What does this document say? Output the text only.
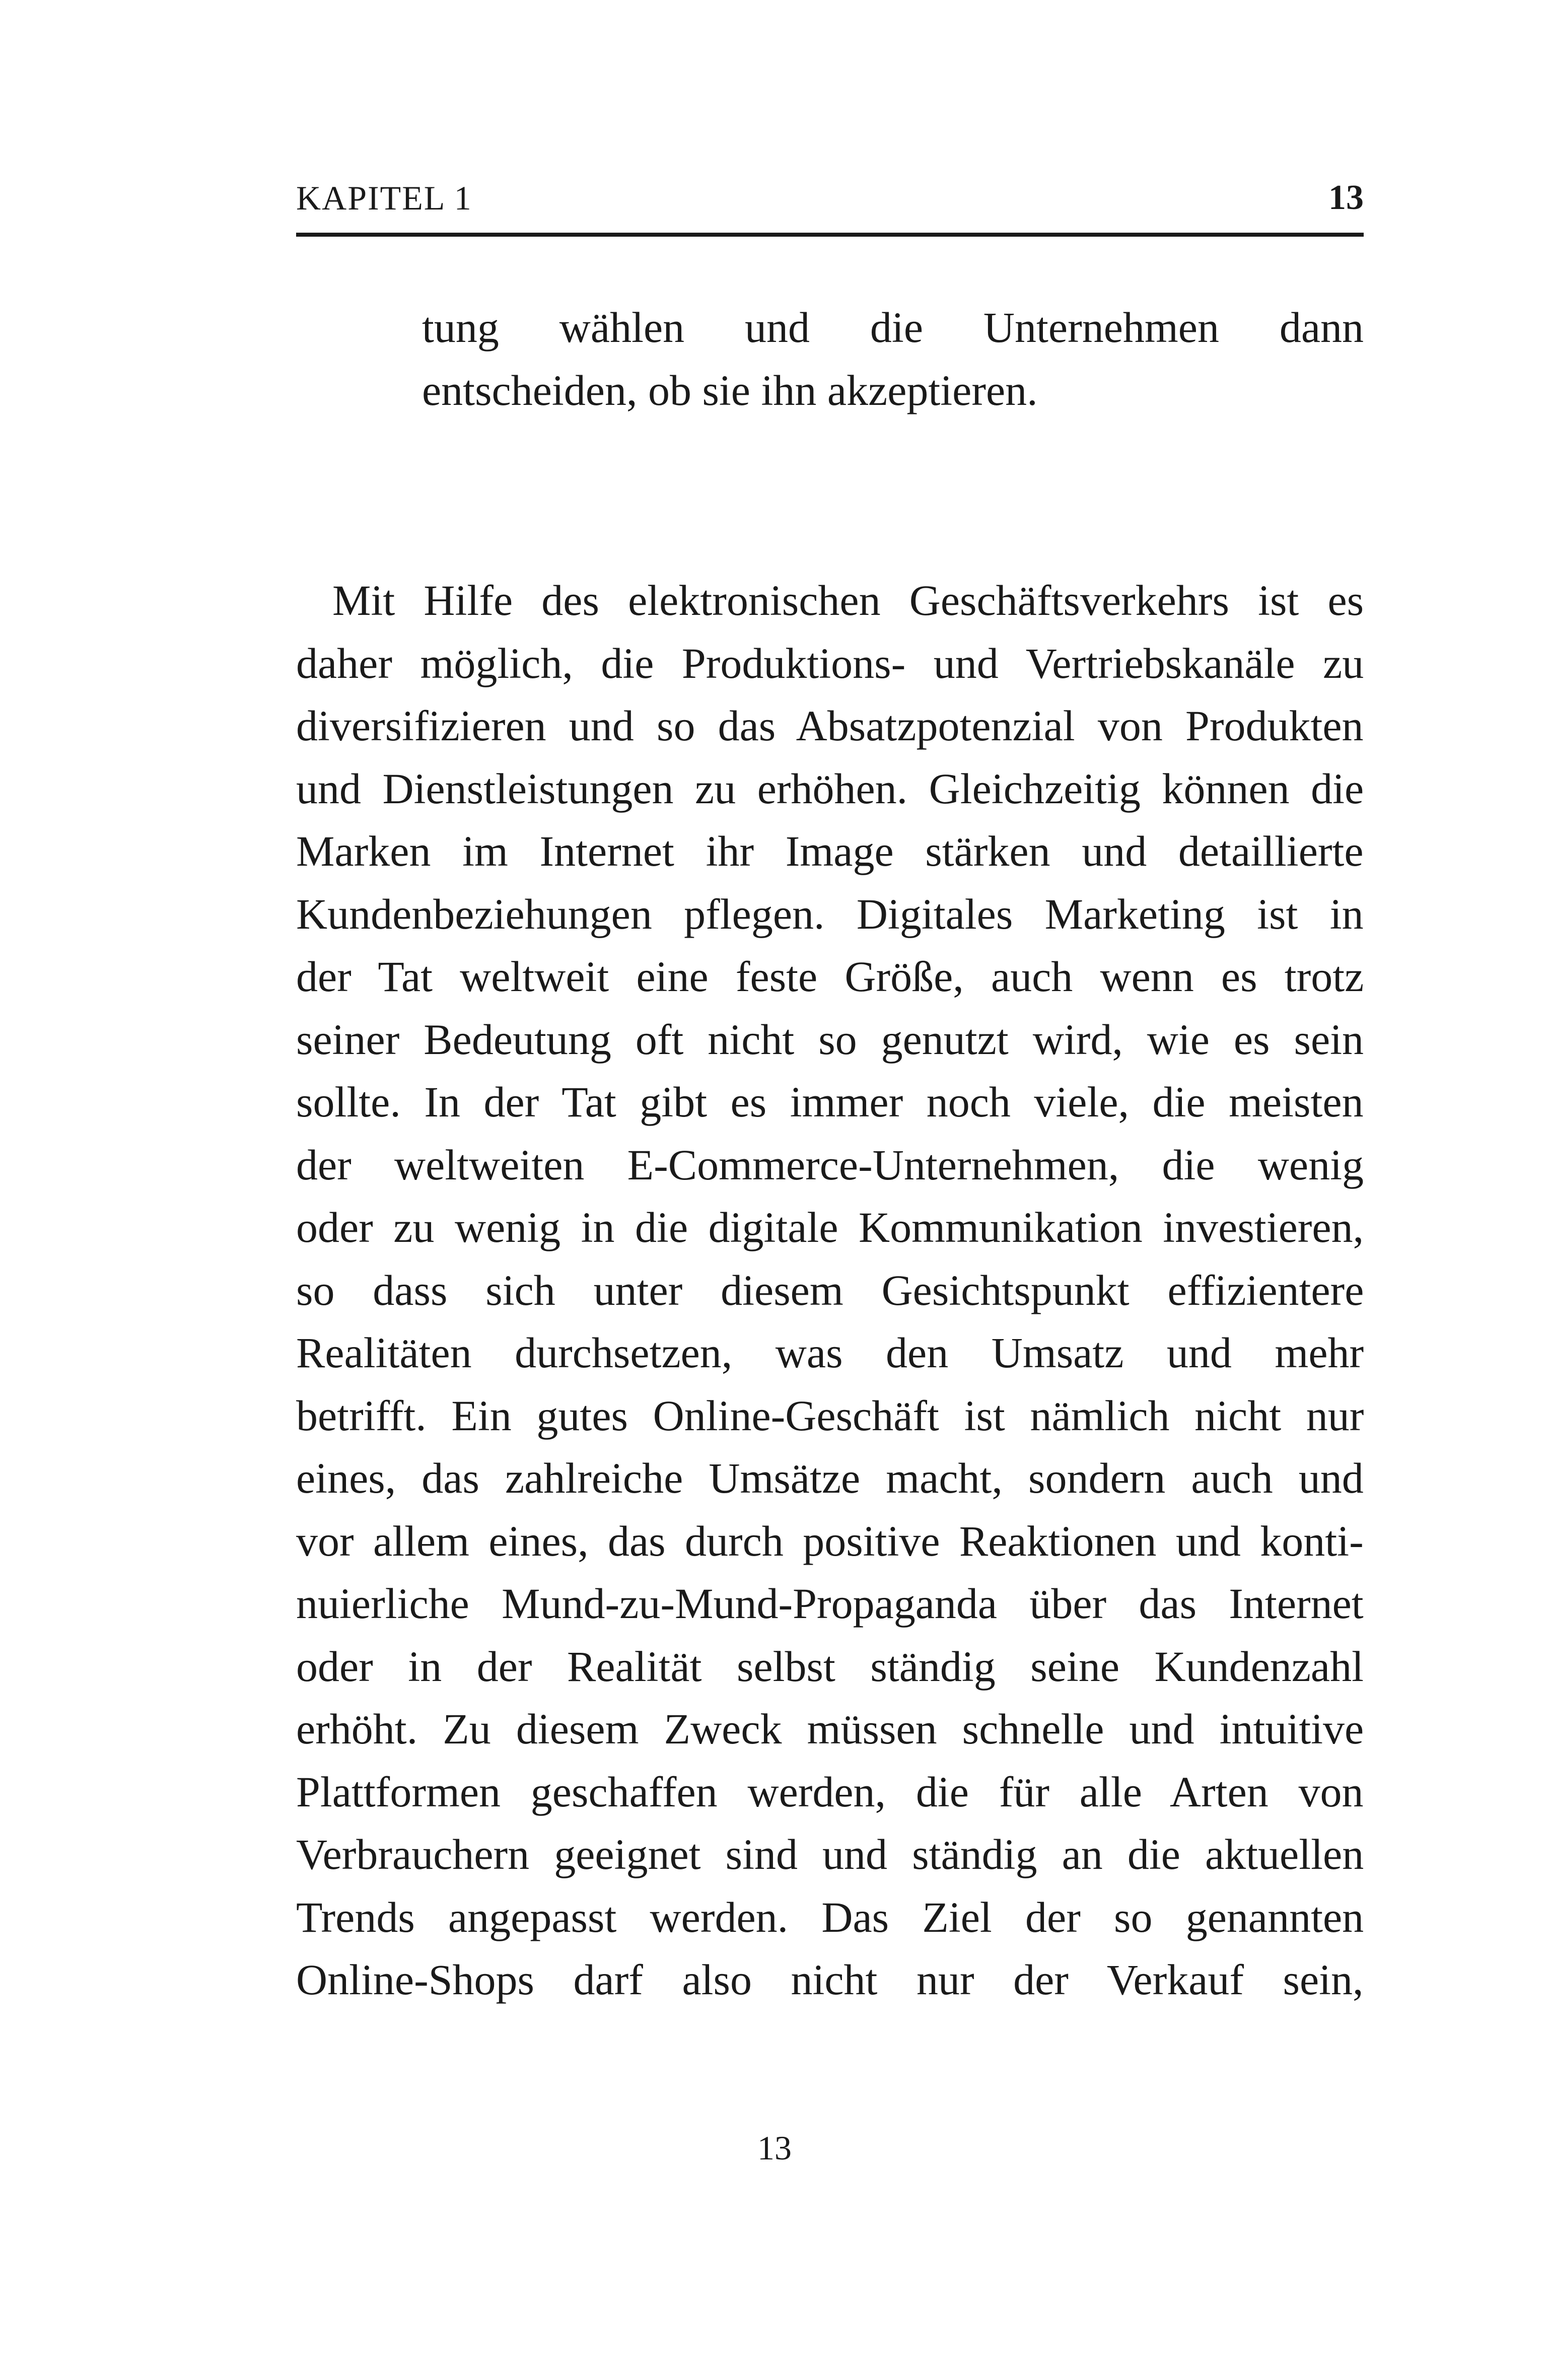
KAPITEL 1	13
tung wählen und die Unternehmen dann
entscheiden, ob sie ihn akzeptieren.
Mit Hilfe des elektronischen Geschäftsverkehrs ist es
daher möglich, die Produktions- und Vertriebskanäle zu
diversifizieren und so das Absatzpotenzial von Produkten
und Dienstleistungen zu erhöhen. Gleichzeitig können die
Marken im Internet ihr Image stärken und detaillierte
Kundenbeziehungen pflegen. Digitales Marketing ist in
der Tat weltweit eine feste Größe, auch wenn es trotz
seiner Bedeutung oft nicht so genutzt wird, wie es sein
sollte. In der Tat gibt es immer noch viele, die meisten
der weltweiten E-Commerce-Unternehmen, die wenig
oder zu wenig in die digitale Kommunikation investieren,
so dass sich unter diesem Gesichtspunkt effizientere
Realitäten durchsetzen, was den Umsatz und mehr
betrifft. Ein gutes Online-Geschäft ist nämlich nicht nur
eines, das zahlreiche Umsätze macht, sondern auch und
vor allem eines, das durch positive Reaktionen und konti-
nuierliche Mund-zu-Mund-Propaganda über das Internet
oder in der Realität selbst ständig seine Kundenzahl
erhöht. Zu diesem Zweck müssen schnelle und intuitive
Plattformen geschaffen werden, die für alle Arten von
Verbrauchern geeignet sind und ständig an die aktuellen
Trends angepasst werden. Das Ziel der so genannten
Online-Shops darf also nicht nur der Verkauf sein,
13
